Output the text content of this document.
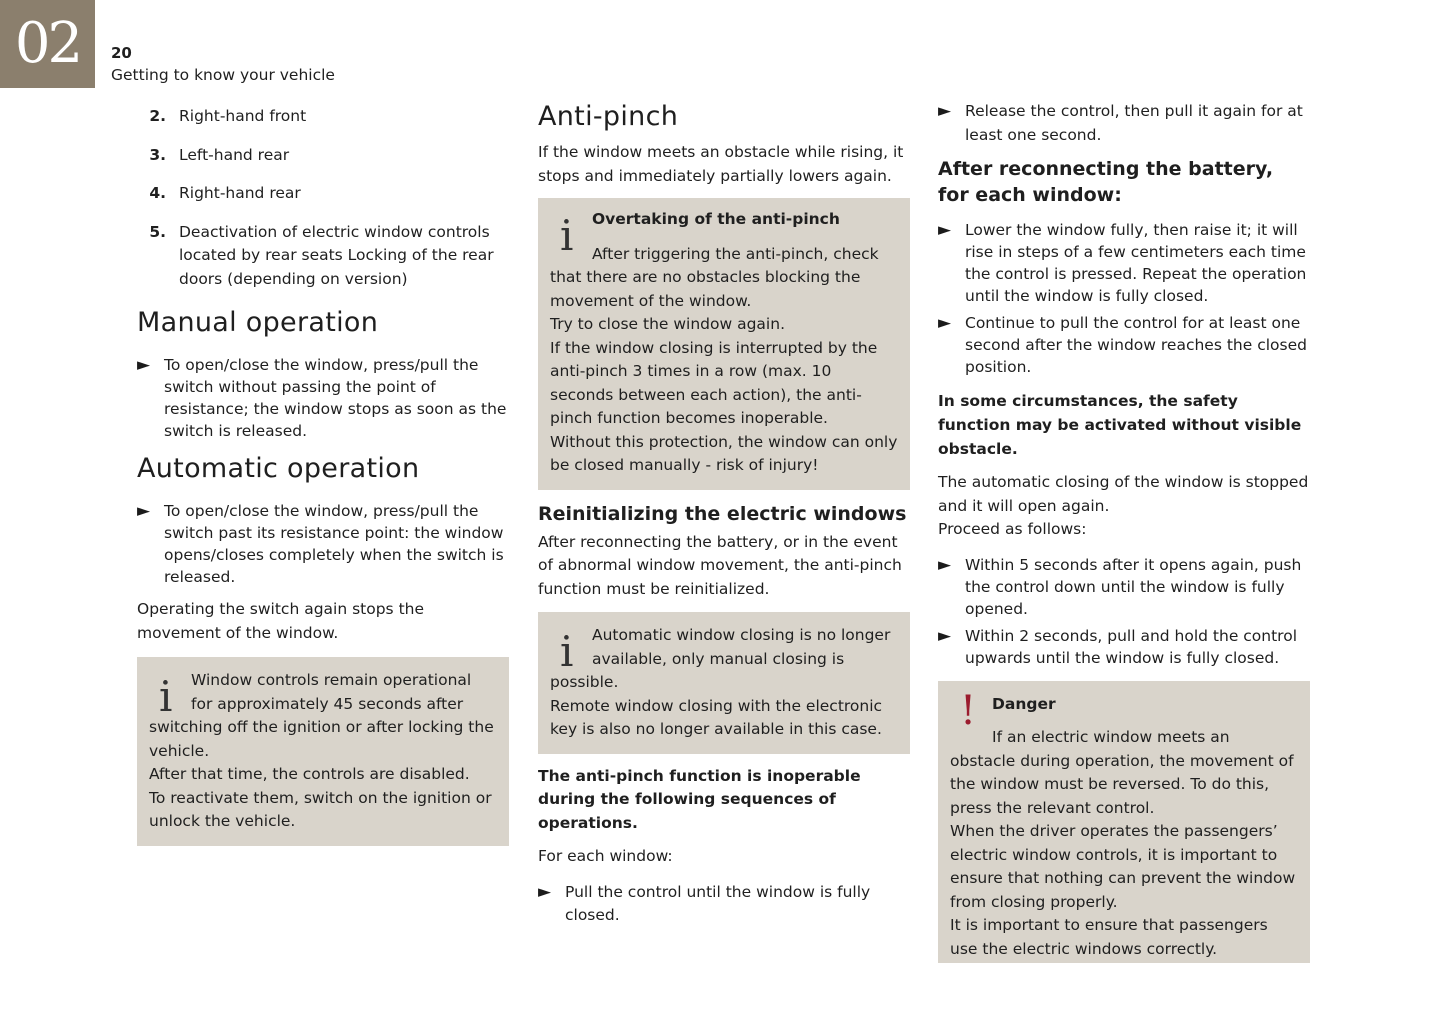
02	20
Getting to know your vehicle
2. Right-hand front
3. Left-hand rear
4. Right-hand rear
5. Deactivation of electric window controls located by rear seats Locking of the rear doors (depending on version)
Manual operation
► To open/close the window, press/pull the switch without passing the point of resistance; the window stops as soon as the switch is released.
Automatic operation
► To open/close the window, press/pull the switch past its resistance point: the window opens/closes completely when the switch is released.

Operating the switch again stops the movement of the window.

i	Window controls remain operational for approximately 45 seconds after

switching off the ignition or after locking the vehicle.
After that time, the controls are disabled.
To reactivate them, switch on the ignition or unlock the vehicle.

Anti-pinch

If the window meets an obstacle while rising, it stops and immediately partially lowers again.

i	Overtaking of the anti-pinch
After triggering the anti-pinch, check

that there are no obstacles blocking the movement of the window.
Try to close the window again.
If the window closing is interrupted by the anti-pinch 3 times in a row (max. 10 seconds between each action), the anti-pinch function becomes inoperable.
Without this protection, the window can only be closed manually - risk of injury!

Reinitializing the electric windows

After reconnecting the battery, or in the event of abnormal window movement, the anti-pinch function must be reinitialized.

i	Automatic window closing is no longer available, only manual closing is

possible.
Remote window closing with the electronic key is also no longer available in this case.

The anti-pinch function is inoperable during the following sequences of operations.

For each window:

► Pull the control until the window is fully closed.
► Release the control, then pull it again for at least one second.
After reconnecting the battery, for each window:
► Lower the window fully, then raise it; it will rise in steps of a few centimeters each time the control is pressed. Repeat the operation until the window is fully closed.
► Continue to pull the control for at least one second after the window reaches the closed position.

In some circumstances, the safety function may be activated without visible obstacle.

The automatic closing of the window is stopped and it will open again.
Proceed as follows:

► Within 5 seconds after it opens again, push the control down until the window is fully opened.
► Within 2 seconds, pull and hold the control upwards until the window is fully closed.
!	Danger
If an electric window meets an

obstacle during operation, the movement of the window must be reversed. To do this, press the relevant control.
When the driver operates the passengers’ electric window controls, it is important to ensure that nothing can prevent the window from closing properly.
It is important to ensure that passengers use the electric windows correctly.
